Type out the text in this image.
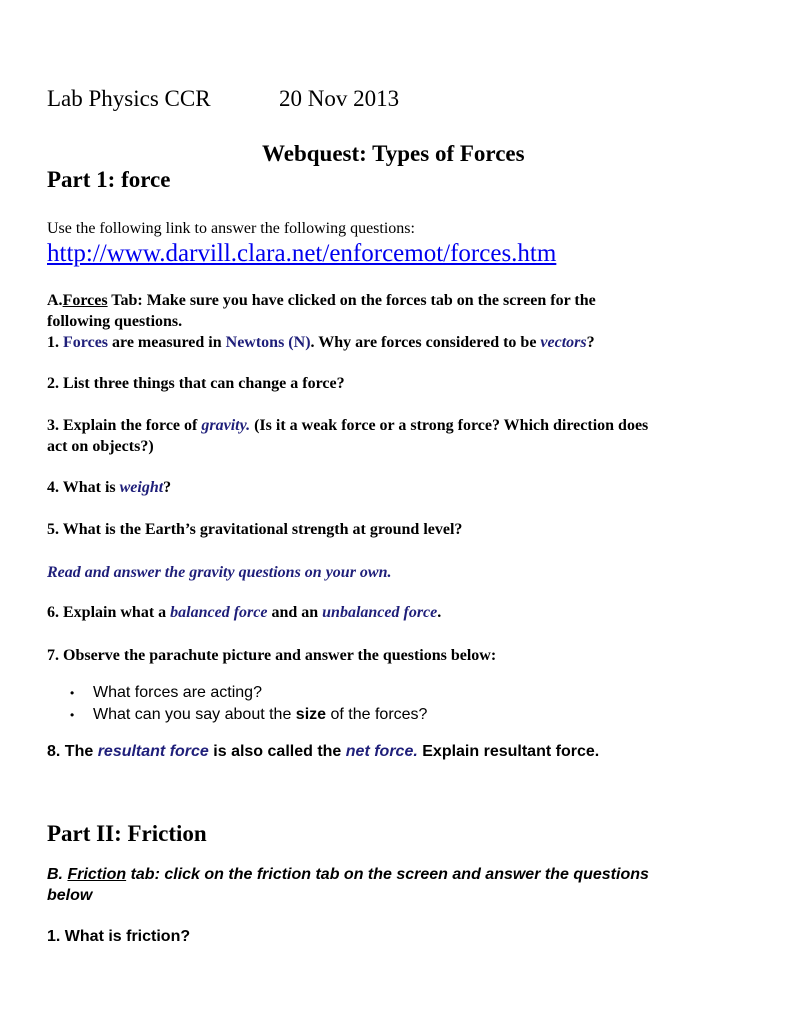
Lab Physics CCR	20 Nov 2013
Webquest: Types of Forces
Part 1: force
Use the following link to answer the following questions:
http://www.darvill.clara.net/enforcemot/forces.htm
A.Forces Tab: Make sure you have clicked on the forces tab on the screen for the
following questions.
1. Forces are measured in Newtons (N). Why are forces considered to be vectors?
2. List three things that can change a force?
3. Explain the force of gravity. (Is it a weak force or a strong force? Which direction does
act on objects?)
4. What is weight?
5. What is the Earth’s gravitational strength at ground level?
Read and answer the gravity questions on your own.
6. Explain what a balanced force and an unbalanced force.
7. Observe the parachute picture and answer the questions below:
• What forces are acting?
• What can you say about the size of the forces?
8. The resultant force is also called the net force. Explain resultant force.
Part II: Friction
B. Friction tab: click on the friction tab on the screen and answer the questions
below
1. What is friction?
